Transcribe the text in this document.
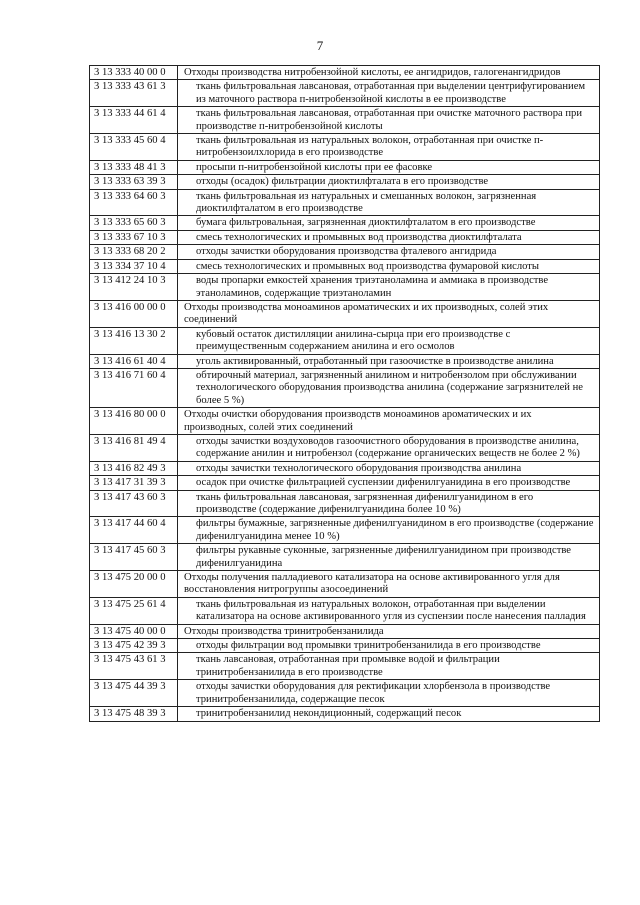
7
3 13 333 40 00 0	Отходы производства нитробензойной кислоты, ее ангидридов, галогенангидридов
3 13 333 43 61 3	ткань фильтровальная лавсановая, отработанная при выделении центрифугированием из маточного раствора п-нитробензойной кислоты в ее производстве
3 13 333 44 61 4	ткань фильтровальная лавсановая, отработанная при очистке маточного раствора при производстве п-нитробензойной кислоты
3 13 333 45 60 4	ткань фильтровальная из натуральных волокон, отработанная при очистке п-нитробензоилхлорида в его производстве
3 13 333 48 41 3	просыпи п-нитробензойной кислоты при ее фасовке
3 13 333 63 39 3	отходы (осадок) фильтрации диоктилфталата в его производстве
3 13 333 64 60 3	ткань фильтровальная из натуральных и смешанных волокон, загрязненная диоктилфталатом в его производстве
3 13 333 65 60 3	бумага фильтровальная, загрязненная диоктилфталатом в его производстве
3 13 333 67 10 3	смесь технологических и промывных вод производства диоктилфталата
3 13 333 68 20 2	отходы зачистки оборудования производства фталевого ангидрида
3 13 334 37 10 4	смесь технологических и промывных вод производства фумаровой кислоты
3 13 412 24 10 3	воды пропарки емкостей хранения триэтаноламина и аммиака в производстве этаноламинов, содержащие триэтаноламин
3 13 416 00 00 0	Отходы производства моноаминов ароматических и их производных, солей этих соединений
3 13 416 13 30 2	кубовый остаток дистилляции анилина-сырца при его производстве с преимущественным содержанием анилина и его осмолов
3 13 416 61 40 4	уголь активированный, отработанный при газоочистке в производстве анилина
3 13 416 71 60 4	обтирочный материал, загрязненный анилином и нитробензолом при обслуживании технологического оборудования производства анилина (содержание загрязнителей не более 5 %)
3 13 416 80 00 0	Отходы очистки оборудования производств моноаминов ароматических и их производных, солей этих соединений
3 13 416 81 49 4	отходы зачистки воздуховодов газоочистного оборудования в производстве анилина, содержание анилин и нитробензол (содержание органических веществ не более 2 %)
3 13 416 82 49 3	отходы зачистки технологического оборудования производства анилина
3 13 417 31 39 3	осадок при очистке фильтрацией суспензии дифенилгуанидина в его производстве
3 13 417 43 60 3	ткань фильтровальная лавсановая, загрязненная дифенилгуанидином в его производстве (содержание дифенилгуанидина более 10 %)
3 13 417 44 60 4	фильтры бумажные, загрязненные дифенилгуанидином в его производстве (содержание дифенилгуанидина менее 10 %)
3 13 417 45 60 3	фильтры рукавные суконные, загрязненные дифенилгуанидином при производстве дифенилгуанидина
3 13 475 20 00 0	Отходы получения палладиевого катализатора на основе активированного угля для восстановления нитрогруппы азосоединений
3 13 475 25 61 4	ткань фильтровальная из натуральных волокон, отработанная при выделении катализатора на основе активированного угля из суспензии после нанесения палладия
3 13 475 40 00 0	Отходы производства тринитробензанилида
3 13 475 42 39 3	отходы фильтрации вод промывки тринитробензанилида в его производстве
3 13 475 43 61 3	ткань лавсановая, отработанная при промывке водой и фильтрации тринитробензанилида в его производстве
3 13 475 44 39 3	отходы зачистки оборудования для ректификации хлорбензола в производстве тринитробензанилида, содержащие песок
3 13 475 48 39 3	тринитробензанилид некондиционный, содержащий песок
